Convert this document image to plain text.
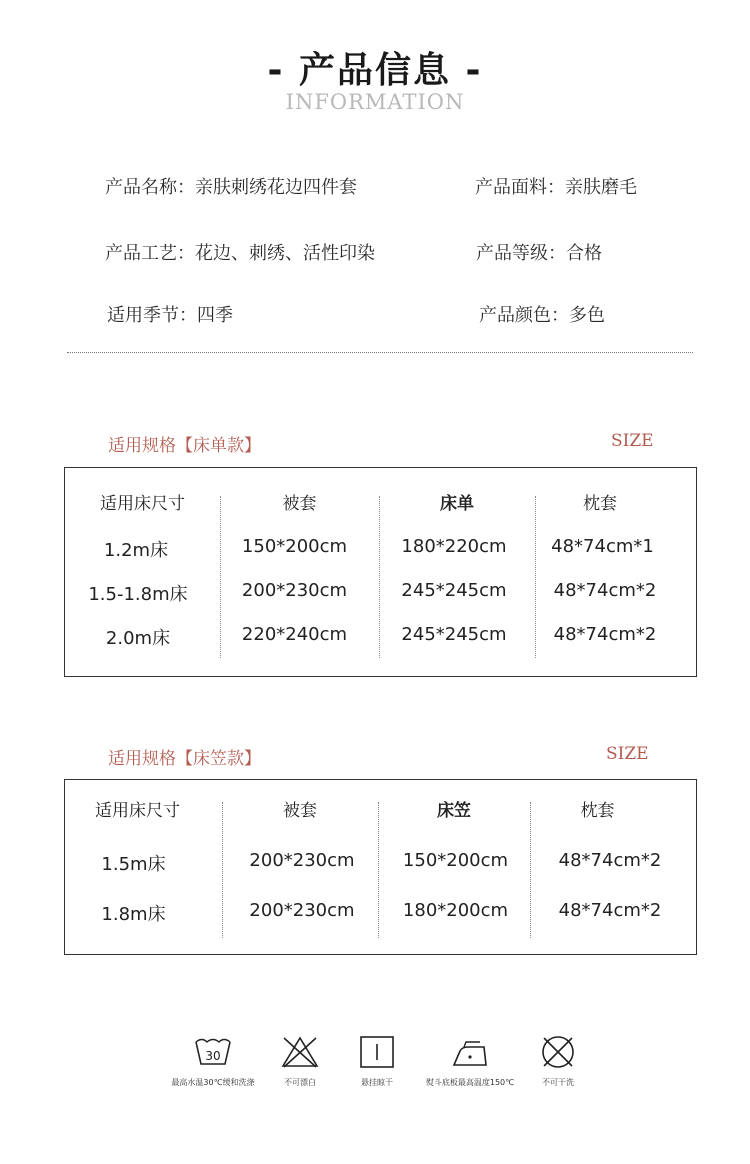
- 产品信息 -
INFORMATION
产品名称：亲肤刺绣花边四件套	产品面料：亲肤磨毛
产品工艺：花边、刺绣、活性印染	产品等级：合格
适用季节：四季	产品颜色：多色
适用规格【床单款】	SIZE
适用床尺寸	被套	床单	枕套
1.2m床	150*200cm	180*220cm	48*74cm*1
1.5-1.8m床	200*230cm	245*245cm	48*74cm*2
2.0m床	220*240cm	245*245cm	48*74cm*2
适用规格【床笠款】	SIZE
适用床尺寸	被套	床笠	枕套
1.5m床	200*230cm	150*200cm	48*74cm*2
1.8m床	200*230cm	180*200cm	48*74cm*2
30
最高水温30℃缓和洗涤	不可漂白	悬挂晾干	熨斗底板最高温度150℃	不可干洗
